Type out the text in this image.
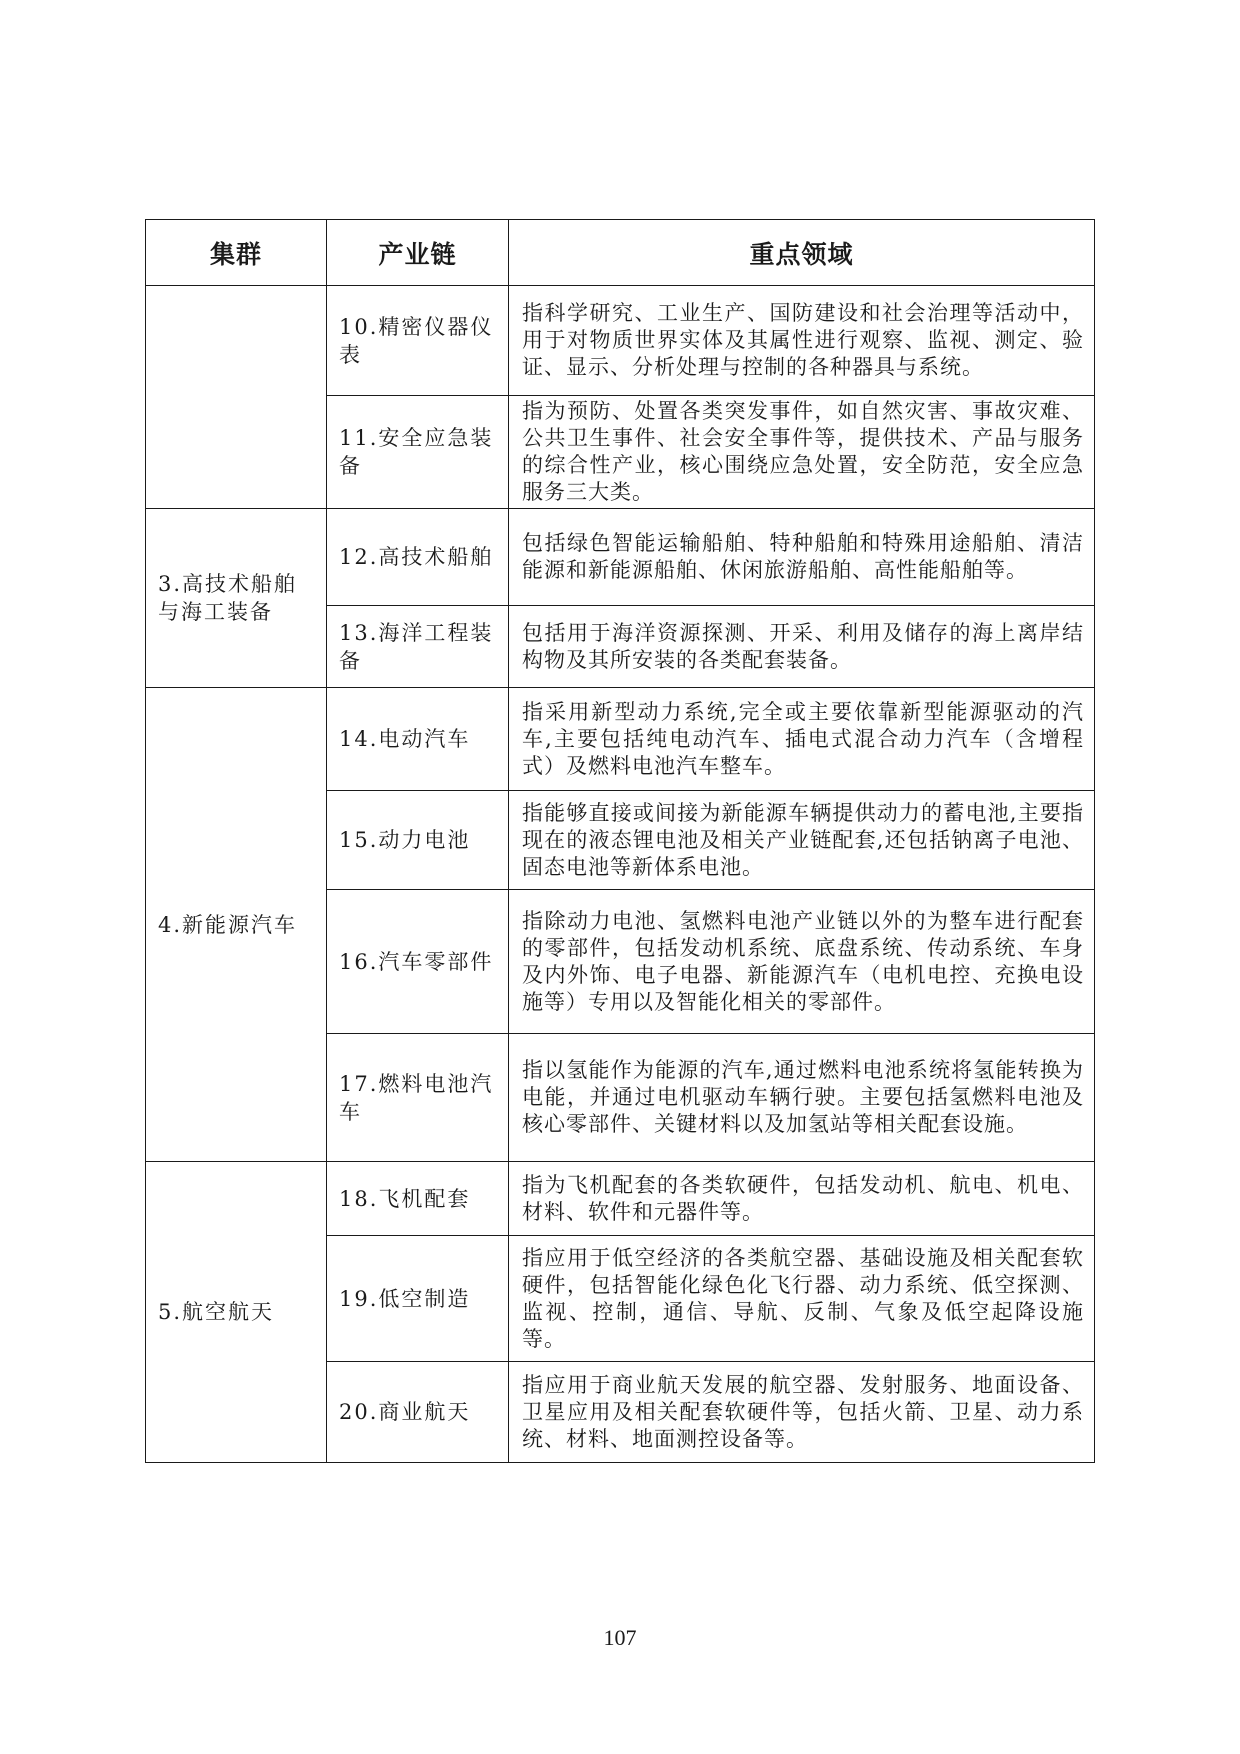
集群	产业链	重点领域
	10.精密仪器仪表	指科学研究、工业生产、国防建设和社会治理等活动中，用于对物质世界实体及其属性进行观察、监视、测定、验证、显示、分析处理与控制的各种器具与系统。
	11.安全应急装备	指为预防、处置各类突发事件，如自然灾害、事故灾难、公共卫生事件、社会安全事件等，提供技术、产品与服务的综合性产业，核心围绕应急处置，安全防范，安全应急服务三大类。
3.高技术船舶与海工装备	12.高技术船舶	包括绿色智能运输船舶、特种船舶和特殊用途船舶、清洁能源和新能源船舶、休闲旅游船舶、高性能船舶等。
	13.海洋工程装备	包括用于海洋资源探测、开采、利用及储存的海上离岸结构物及其所安装的各类配套装备。
4.新能源汽车	14.电动汽车	指采用新型动力系统,完全或主要依靠新型能源驱动的汽车,主要包括纯电动汽车、插电式混合动力汽车（含增程式）及燃料电池汽车整车。
	15.动力电池	指能够直接或间接为新能源车辆提供动力的蓄电池,主要指现在的液态锂电池及相关产业链配套,还包括钠离子电池、固态电池等新体系电池。
	16.汽车零部件	指除动力电池、氢燃料电池产业链以外的为整车进行配套的零部件，包括发动机系统、底盘系统、传动系统、车身及内外饰、电子电器、新能源汽车（电机电控、充换电设施等）专用以及智能化相关的零部件。
	17.燃料电池汽车	指以氢能作为能源的汽车,通过燃料电池系统将氢能转换为电能，并通过电机驱动车辆行驶。主要包括氢燃料电池及核心零部件、关键材料以及加氢站等相关配套设施。
5.航空航天	18.飞机配套	指为飞机配套的各类软硬件，包括发动机、航电、机电、材料、软件和元器件等。
	19.低空制造	指应用于低空经济的各类航空器、基础设施及相关配套软硬件，包括智能化绿色化飞行器、动力系统、低空探测、监视、控制，通信、导航、反制、气象及低空起降设施等。
	20.商业航天	指应用于商业航天发展的航空器、发射服务、地面设备、卫星应用及相关配套软硬件等，包括火箭、卫星、动力系统、材料、地面测控设备等。
107
